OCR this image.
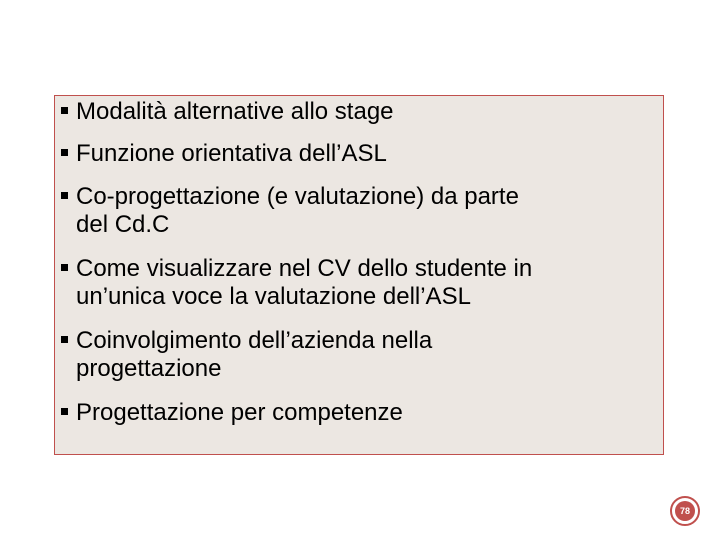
Modalità alternative allo stage
Funzione orientativa dell’ASL
Co-progettazione (e valutazione) da parte
del Cd.C
Come visualizzare nel CV dello studente in
un’unica voce la valutazione dell’ASL
Coinvolgimento dell’azienda nella
progettazione
Progettazione per competenze
78
